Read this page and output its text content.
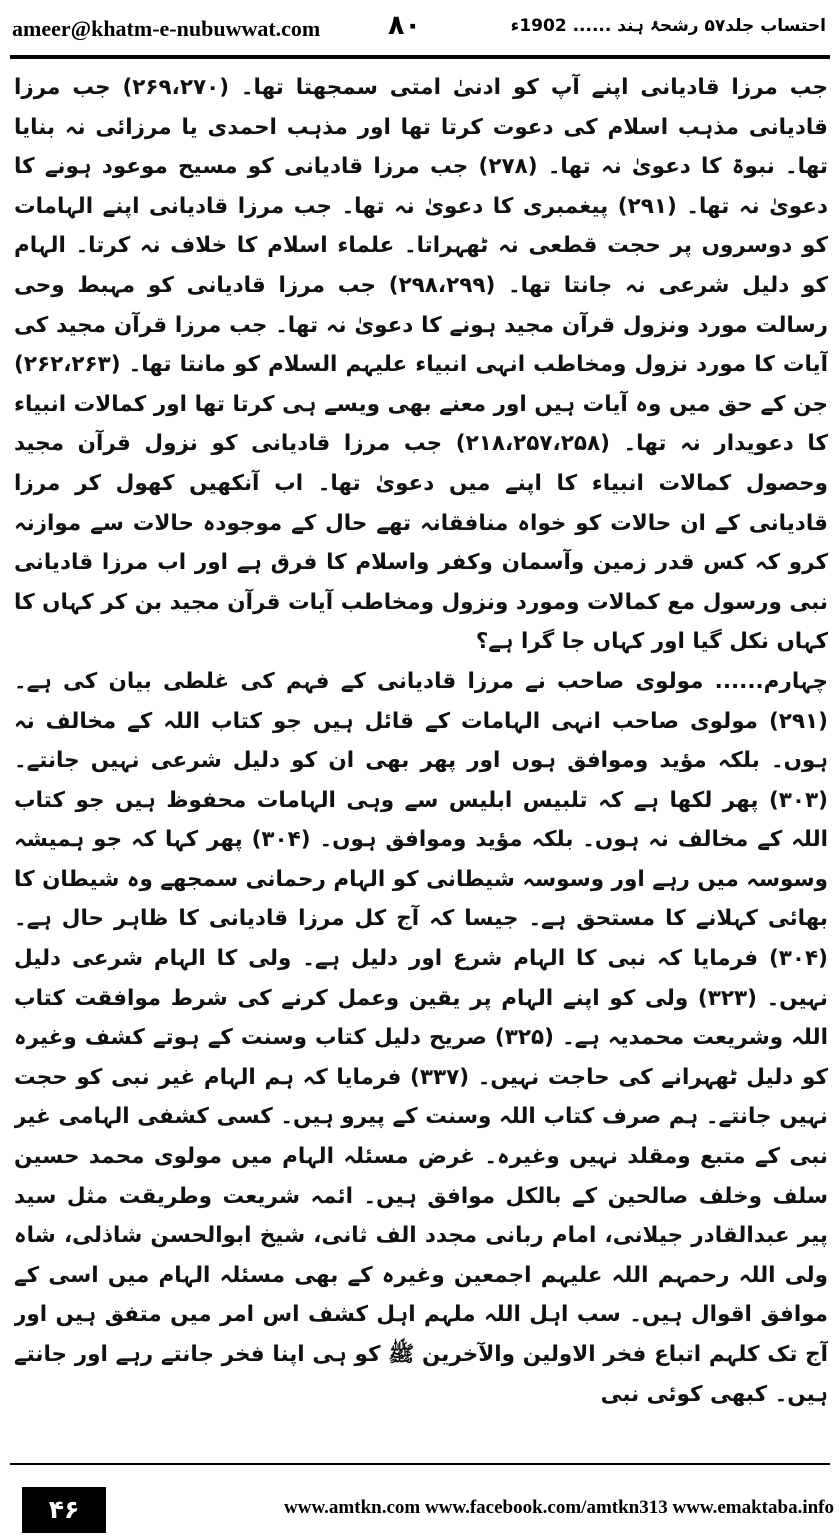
ameer@khatm-e-nubuwwat.com	۸۰	احتساب جلد۵۷ رشحۂ ہند ...... 1902ء

جب مرزا قادیانی اپنے آپ کو ادنیٰ امتی سمجھتا تھا۔ (۲۶۹،۲۷۰) جب مرزا قادیانی مذہب اسلام کی دعوت کرتا تھا اور مذہب احمدی یا مرزائی نہ بنایا تھا۔ نبوۃ کا دعویٰ نہ تھا۔ (۲۷۸) جب مرزا قادیانی کو مسیح موعود ہونے کا دعویٰ نہ تھا۔ (۲۹۱) پیغمبری کا دعویٰ نہ تھا۔ جب مرزا قادیانی اپنے الہامات کو دوسروں پر حجت قطعی نہ ٹھہراتا۔ علماء اسلام کا خلاف نہ کرتا۔ الہام کو دلیل شرعی نہ جانتا تھا۔ (۲۹۸،۲۹۹) جب مرزا قادیانی کو مہبط وحی رسالت مورد ونزول قرآن مجید ہونے کا دعویٰ نہ تھا۔ جب مرزا قرآن مجید کی آیات کا مورد نزول ومخاطب انہی انبیاء علیہم السلام کو مانتا تھا۔ (۲۶۲،۲۶۳) جن کے حق میں وہ آیات ہیں اور معنے بھی ویسے ہی کرتا تھا اور کمالات انبیاء کا دعویدار نہ تھا۔ (۲۱۸،۲۵۷،۲۵۸) جب مرزا قادیانی کو نزول قرآن مجید وحصول کمالات انبیاء کا اپنے میں دعویٰ تھا۔ اب آنکھیں کھول کر مرزا قادیانی کے ان حالات کو خواہ منافقانہ تھے حال کے موجودہ حالات سے موازنہ کرو کہ کس قدر زمین وآسمان وکفر واسلام کا فرق ہے اور اب مرزا قادیانی نبی ورسول مع کمالات ومورد ونزول ومخاطب آیات قرآن مجید بن کر کہاں کا کہاں نکل گیا اور کہاں جا گرا ہے؟

چہارم...... مولوی صاحب نے مرزا قادیانی کے فہم کی غلطی بیان کی ہے۔ (۲۹۱) مولوی صاحب انہی الہامات کے قائل ہیں جو کتاب اللہ کے مخالف نہ ہوں۔ بلکہ مؤید وموافق ہوں اور پھر بھی ان کو دلیل شرعی نہیں جانتے۔ (۳۰۳) پھر لکھا ہے کہ تلبیس ابلیس سے وہی الہامات محفوظ ہیں جو کتاب اللہ کے مخالف نہ ہوں۔ بلکہ مؤید وموافق ہوں۔ (۳۰۴) پھر کہا کہ جو ہمیشہ وسوسہ میں رہے اور وسوسہ شیطانی کو الہام رحمانی سمجھے وہ شیطان کا بھائی کہلانے کا مستحق ہے۔ جیسا کہ آج کل مرزا قادیانی کا ظاہر حال ہے۔ (۳۰۴) فرمایا کہ نبی کا الہام شرع اور دلیل ہے۔ ولی کا الہام شرعی دلیل نہیں۔ (۳۲۳) ولی کو اپنے الہام پر یقین وعمل کرنے کی شرط موافقت کتاب اللہ وشریعت محمدیہ ہے۔ (۳۲۵) صریح دلیل کتاب وسنت کے ہوتے کشف وغیرہ کو دلیل ٹھہرانے کی حاجت نہیں۔ (۳۳۷) فرمایا کہ ہم الہام غیر نبی کو حجت نہیں جانتے۔ ہم صرف کتاب اللہ وسنت کے پیرو ہیں۔ کسی کشفی الہامی غیر نبی کے متبع ومقلد نہیں وغیرہ۔ غرض مسئلہ الہام میں مولوی محمد حسین سلف وخلف صالحین کے بالکل موافق ہیں۔ ائمہ شریعت وطریقت مثل سید پیر عبدالقادر جیلانی، امام ربانی مجدد الف ثانی، شیخ ابوالحسن شاذلی، شاہ ولی اللہ رحمہم اللہ علیہم اجمعین وغیرہ کے بھی مسئلہ الہام میں اسی کے موافق اقوال ہیں۔ سب اہل اللہ ملہم اہل کشف اس امر میں متفق ہیں اور آج تک کلہم اتباع فخر الاولین والآخرین ﷺ کو ہی اپنا فخر جانتے رہے اور جانتے ہیں۔ کبھی کوئی نبی

۴۶	www.amtkn.com www.facebook.com/amtkn313 www.emaktaba.info
